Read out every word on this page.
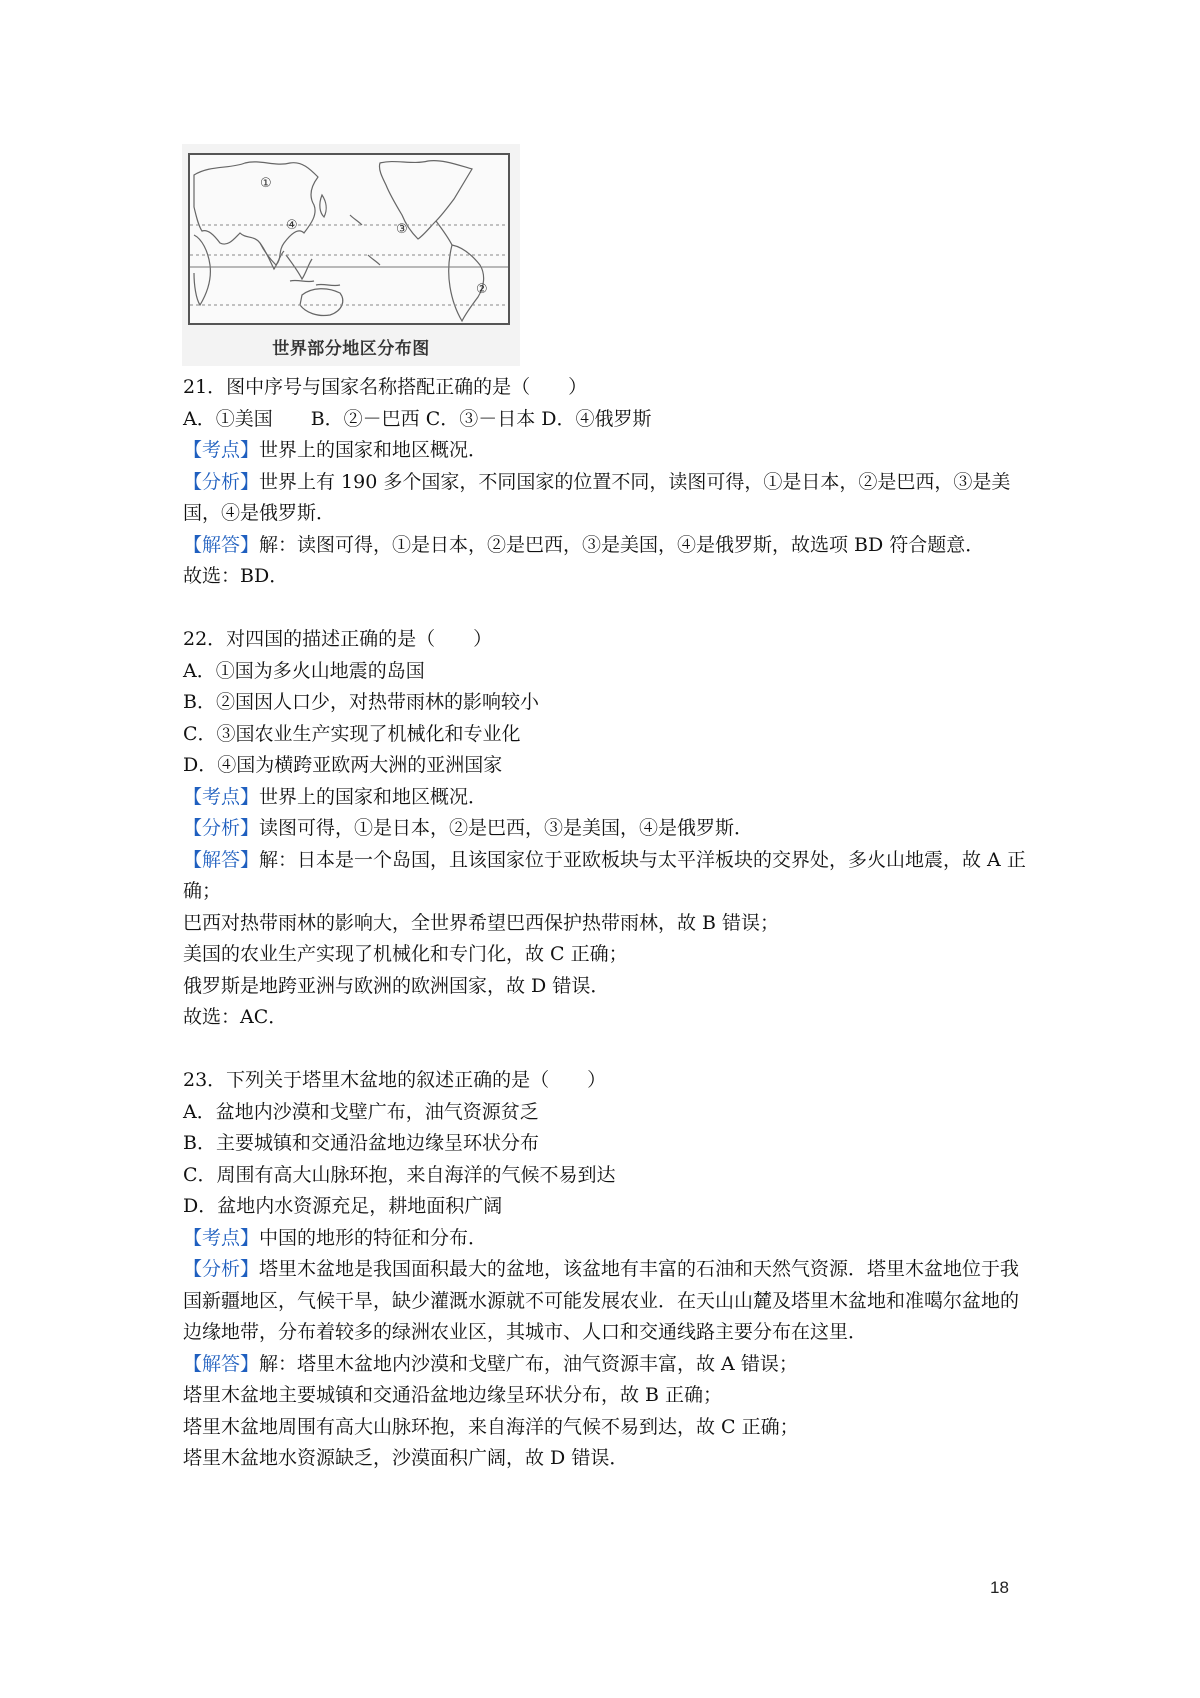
①
④	③
②
世界部分地区分布图
21．图中序号与国家名称搭配正确的是（　　）
A．①美国　　B．②－巴西 C．③－日本 D．④俄罗斯
【考点】世界上的国家和地区概况．
【分析】世界上有 190 多个国家，不同国家的位置不同，读图可得，①是日本，②是巴西，③是美国，④是俄罗斯．
【解答】解：读图可得，①是日本，②是巴西，③是美国，④是俄罗斯，故选项 BD 符合题意．
故选：BD．
22．对四国的描述正确的是（　　）
A．①国为多火山地震的岛国
B．②国因人口少，对热带雨林的影响较小
C．③国农业生产实现了机械化和专业化
D．④国为横跨亚欧两大洲的亚洲国家
【考点】世界上的国家和地区概况．
【分析】读图可得，①是日本，②是巴西，③是美国，④是俄罗斯．
【解答】解：日本是一个岛国，且该国家位于亚欧板块与太平洋板块的交界处，多火山地震，故 A 正确；
巴西对热带雨林的影响大，全世界希望巴西保护热带雨林，故 B 错误；
美国的农业生产实现了机械化和专门化，故 C 正确；
俄罗斯是地跨亚洲与欧洲的欧洲国家，故 D 错误．
故选：AC．
23．下列关于塔里木盆地的叙述正确的是（　　）
A．盆地内沙漠和戈壁广布，油气资源贫乏
B．主要城镇和交通沿盆地边缘呈环状分布
C．周围有高大山脉环抱，来自海洋的气候不易到达
D．盆地内水资源充足，耕地面积广阔
【考点】中国的地形的特征和分布．
【分析】塔里木盆地是我国面积最大的盆地，该盆地有丰富的石油和天然气资源．塔里木盆地位于我国新疆地区，气候干旱，缺少灌溉水源就不可能发展农业．在天山山麓及塔里木盆地和准噶尔盆地的边缘地带，分布着较多的绿洲农业区，其城市、人口和交通线路主要分布在这里．
【解答】解：塔里木盆地内沙漠和戈壁广布，油气资源丰富，故 A 错误；
塔里木盆地主要城镇和交通沿盆地边缘呈环状分布，故 B 正确；
塔里木盆地周围有高大山脉环抱，来自海洋的气候不易到达，故 C 正确；
塔里木盆地水资源缺乏，沙漠面积广阔，故 D 错误．
18
